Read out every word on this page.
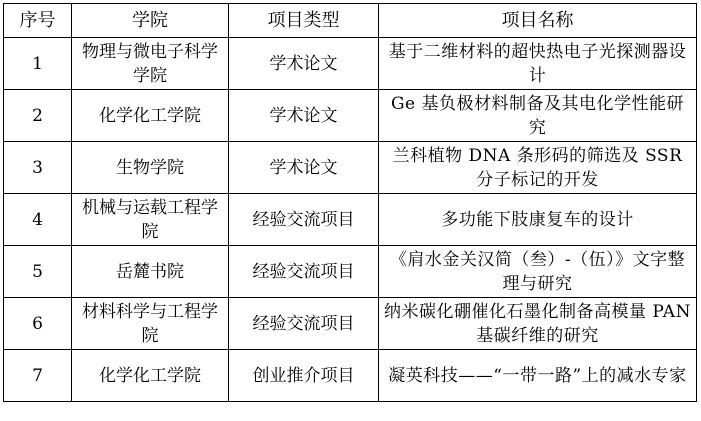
序号	学院	项目类型	项目名称
1	物理与微电子科学学院	学术论文	基于二维材料的超快热电子光探测器设计
2	化学化工学院	学术论文	Ge 基负极材料制备及其电化学性能研究
3	生物学院	学术论文	兰科植物 DNA 条形码的筛选及 SSR 分子标记的开发
4	机械与运载工程学院	经验交流项目	多功能下肢康复车的设计
5	岳麓书院	经验交流项目	《肩水金关汉简（叁）-（伍）》文字整理与研究
6	材料科学与工程学院	经验交流项目	纳米碳化硼催化石墨化制备高模量 PAN 基碳纤维的研究
7	化学化工学院	创业推介项目	凝英科技——“一带一路”上的减水专家
